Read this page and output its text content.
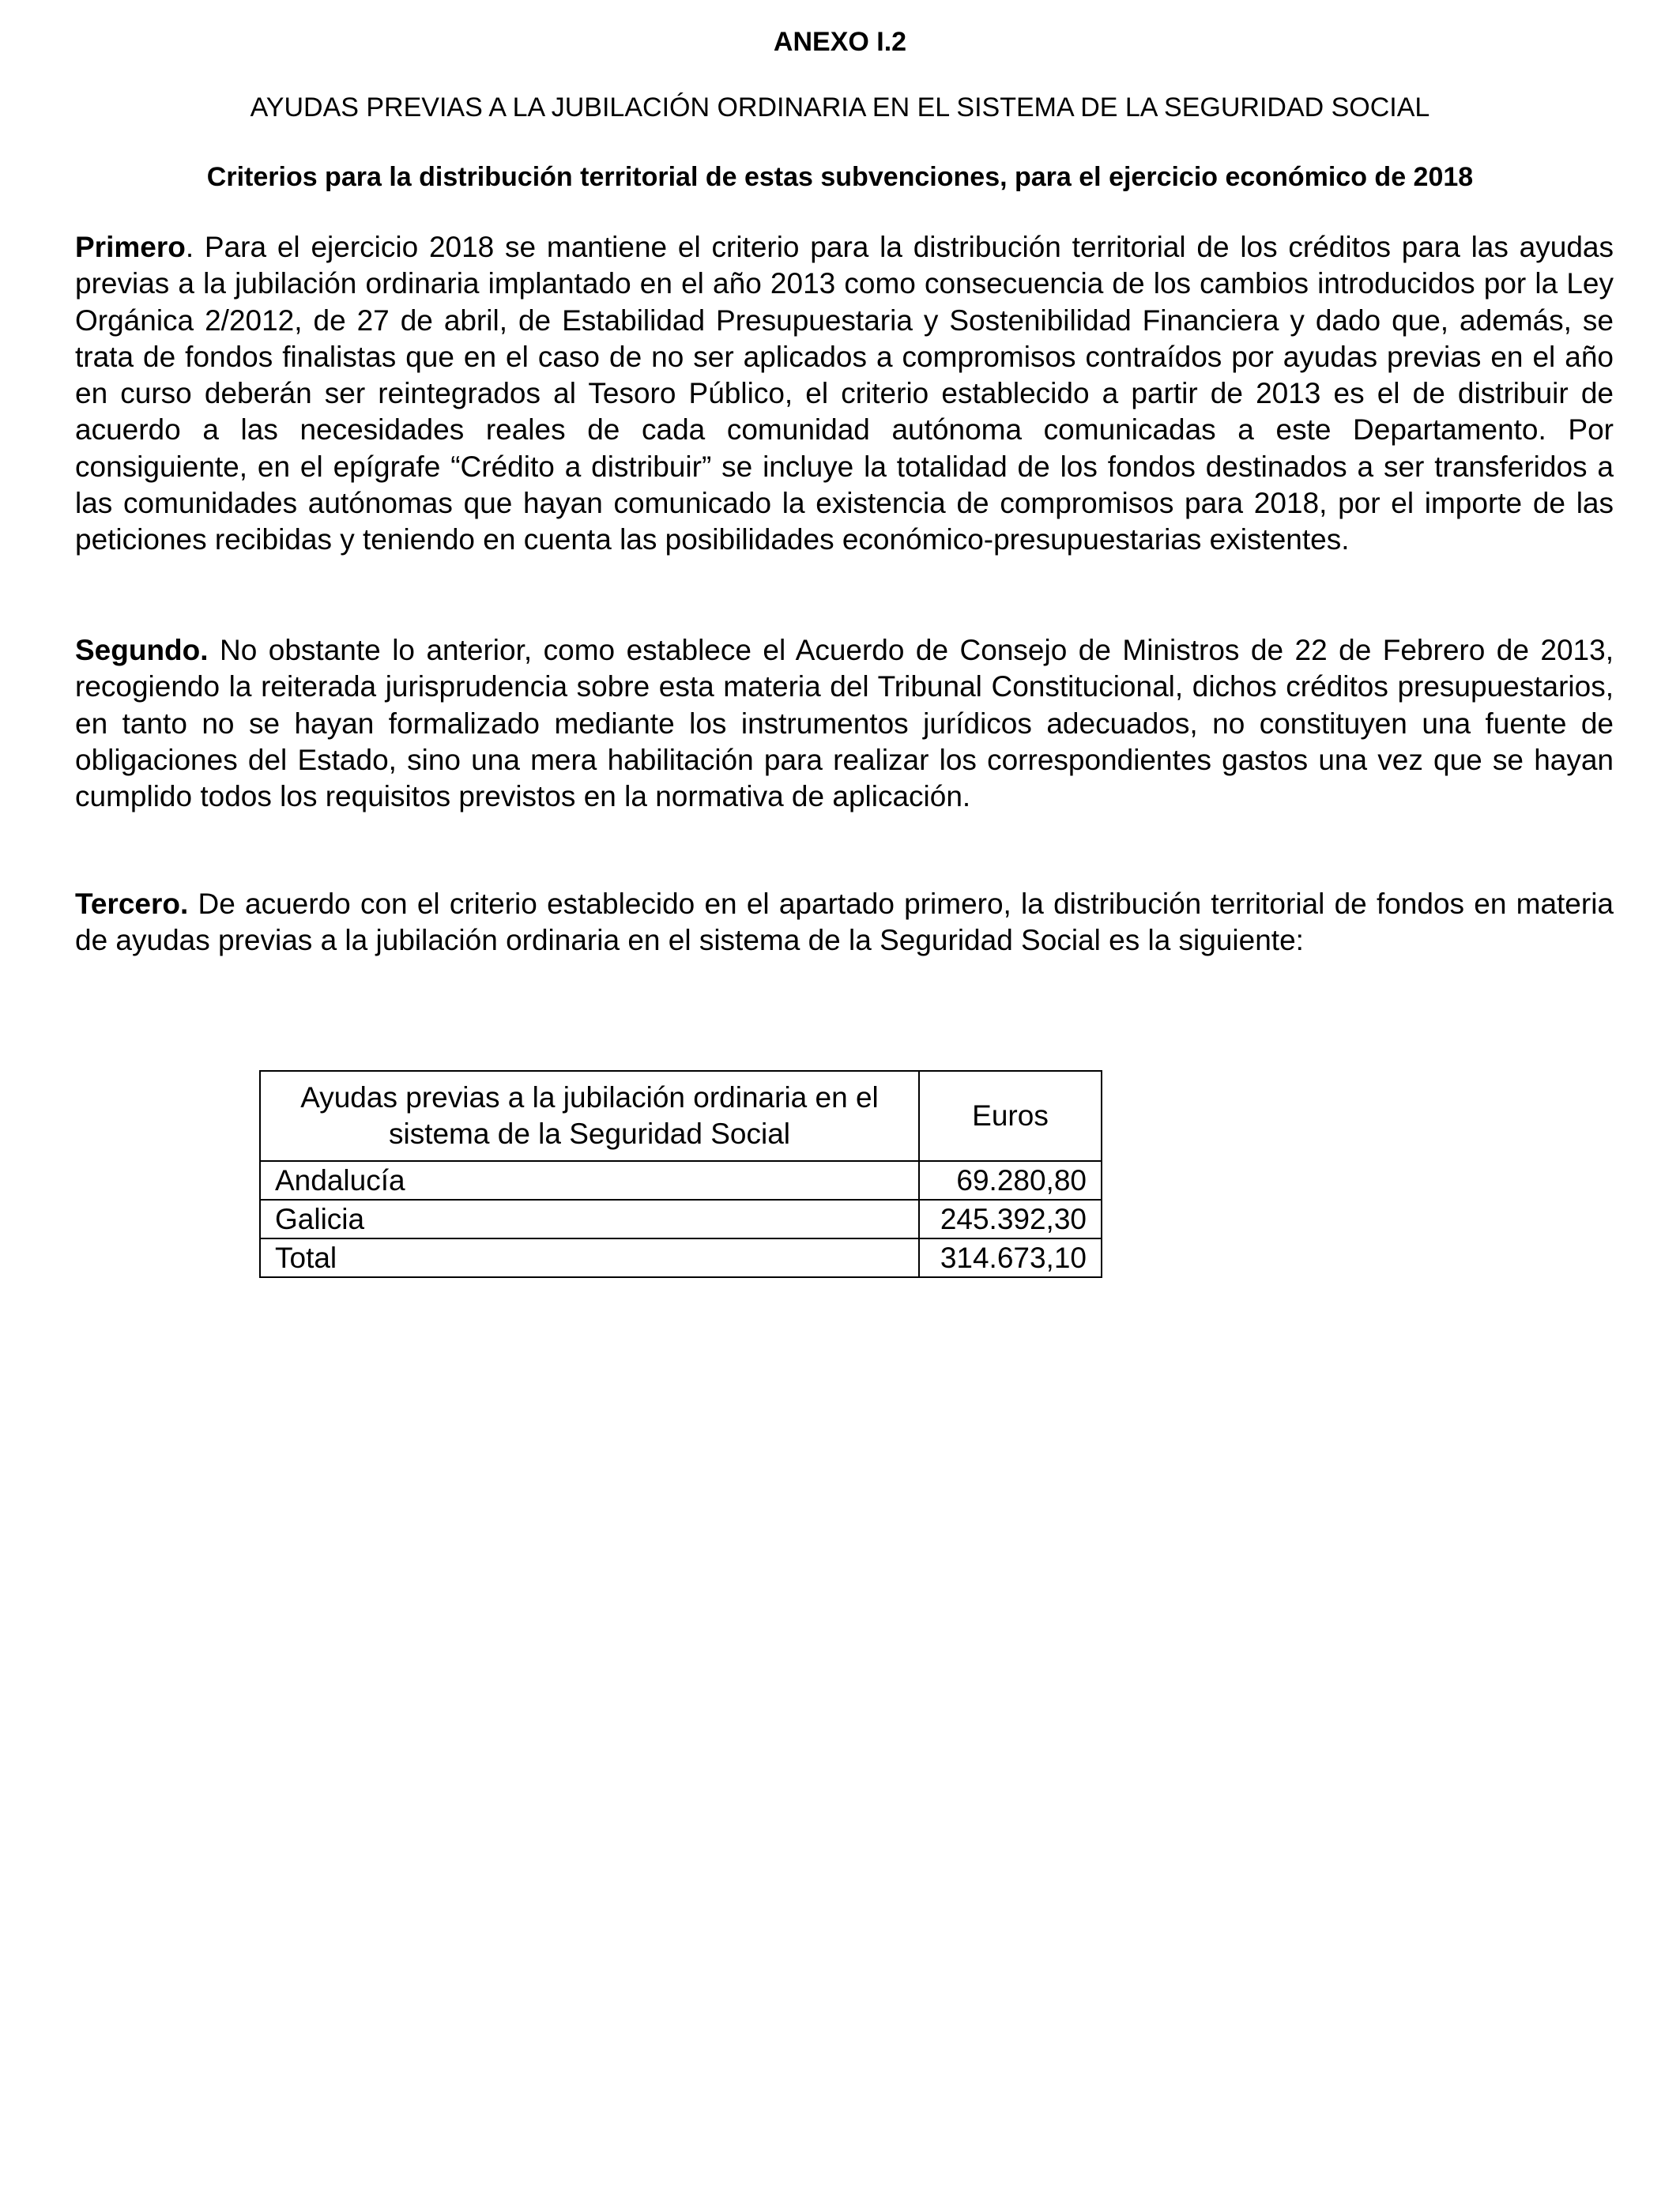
ANEXO I.2
AYUDAS PREVIAS A LA JUBILACIÓN ORDINARIA EN EL SISTEMA DE LA SEGURIDAD SOCIAL
Criterios para la distribución territorial de estas subvenciones, para el ejercicio económico de 2018

Primero. Para el ejercicio 2018 se mantiene el criterio para la distribución territorial de los créditos para las ayudas previas a la jubilación ordinaria implantado en el año 2013 como consecuencia de los cambios introducidos por la Ley Orgánica 2/2012, de 27 de abril, de Estabilidad Presupuestaria y Sostenibilidad Financiera y dado que, además, se trata de fondos finalistas que en el caso de no ser aplicados a compromisos contraídos por ayudas previas en el año en curso deberán ser reintegrados al Tesoro Público, el criterio establecido a partir de 2013 es el de distribuir de acuerdo a las necesidades reales de cada comunidad autónoma comunicadas a este Departamento. Por consiguiente, en el epígrafe “Crédito a distribuir” se incluye la totalidad de los fondos destinados a ser transferidos a las comunidades autónomas que hayan comunicado la existencia de compromisos para 2018, por el importe de las peticiones recibidas y teniendo en cuenta las posibilidades económico-presupuestarias existentes.

Segundo. No obstante lo anterior, como establece el Acuerdo de Consejo de Ministros de 22 de Febrero de 2013, recogiendo la reiterada jurisprudencia sobre esta materia del Tribunal Constitucional, dichos créditos presupuestarios, en tanto no se hayan formalizado mediante los instrumentos jurídicos adecuados, no constituyen una fuente de obligaciones del Estado, sino una mera habilitación para realizar los correspondientes gastos una vez que se hayan cumplido todos los requisitos previstos en la normativa de aplicación.

Tercero. De acuerdo con el criterio establecido en el apartado primero, la distribución territorial de fondos en materia de ayudas previas a la jubilación ordinaria en el sistema de la Seguridad Social es la siguiente:

Ayudas previas a la jubilación ordinaria en el sistema de la Seguridad Social	Euros
Andalucía	69.280,80
Galicia	245.392,30
Total	314.673,10
